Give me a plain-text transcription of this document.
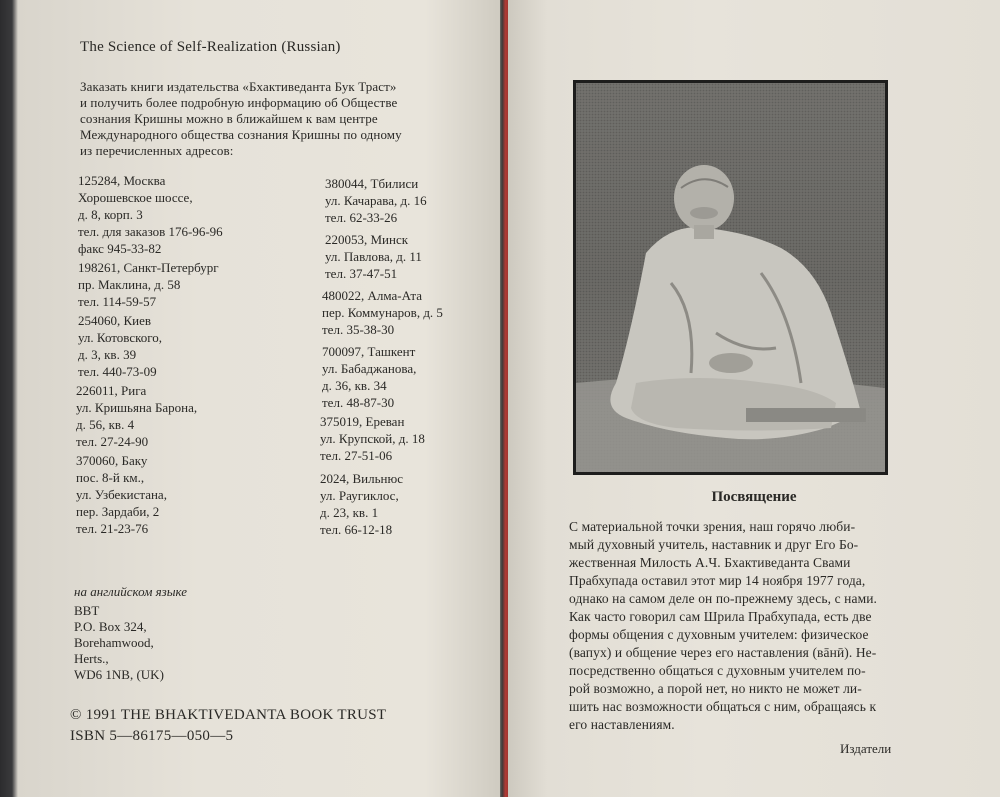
The Science of Self-Realization (Russian)
Заказать книги издательства «Бхактиведанта Бук Траст»
и получить более подробную информацию об Обществе
сознания Кришны можно в ближайшем к вам центре
Международного общества сознания Кришны по одному
из перечисленных адресов:
125284, Москва
Хорошевское шоссе,
д. 8, корп. 3
тел. для заказов 176-96-96
факс 945-33-82
198261, Санкт-Петербург
пр. Маклина, д. 58
тел. 114-59-57
254060, Киев
ул. Котовского,
д. 3, кв. 39
тел. 440-73-09
226011, Рига
ул. Кришьяна Барона,
д. 56, кв. 4
тел. 27-24-90
370060, Баку
пос. 8-й км.,
ул. Узбекистана,
пер. Зардаби, 2
тел. 21-23-76
380044, Тбилиси
ул. Качарава, д. 16
тел. 62-33-26
220053, Минск
ул. Павлова, д. 11
тел. 37-47-51
480022, Алма-Ата
пер. Коммунаров, д. 5
тел. 35-38-30
700097, Ташкент
ул. Бабаджанова,
д. 36, кв. 34
тел. 48-87-30
375019, Ереван
ул. Крупской, д. 18
тел. 27-51-06
2024, Вильнюс
ул. Раугиклос,
д. 23, кв. 1
тел. 66-12-18
на английском языке
BBT
P.O. Box 324,
Borehamwood,
Herts.,
WD6 1NB, (UK)
© 1991 THE BHAKTIVEDANTA BOOK TRUST
ISBN 5—86175—050—5
Посвящение
С материальной точки зрения, наш горячо люби-
мый духовный учитель, наставник и друг Его Бо-
жественная Милость А.Ч. Бхактиведанта Свами
Прабхупада оставил этот мир 14 ноября 1977 года,
однако на самом деле он по-прежнему здесь, с нами.
Как часто говорил сам Шрила Прабхупада, есть две
формы общения с духовным учителем: физическое
(вапух) и общение через его наставления (вāнӣ). Не-
посредственно общаться с духовным учителем по-
рой возможно, а порой нет, но никто не может ли-
шить нас возможности общаться с ним, обращаясь к
его наставлениям.
Издатели
